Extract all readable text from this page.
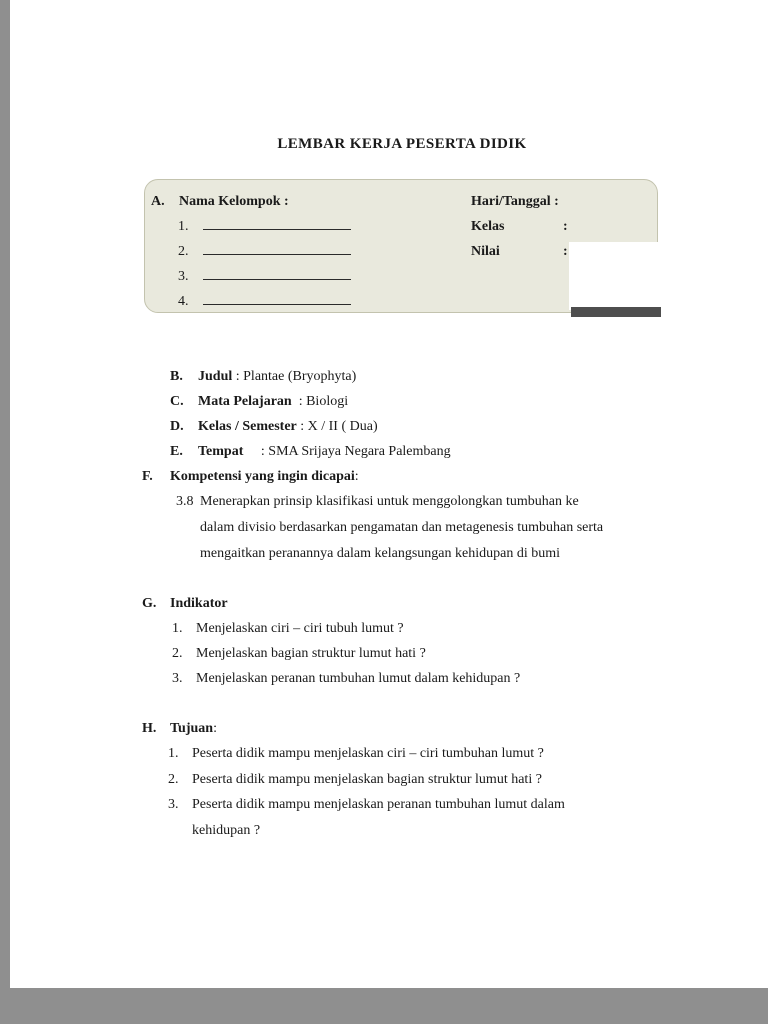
LEMBAR KERJA PESERTA DIDIK
A. Nama Kelompok :
1.
2.
3.
4.
Hari/Tanggal :
Kelas	:
Nilai	:

B. Judul : Plantae (Bryophyta)

C. Mata Pelajaran  : Biologi

D. Kelas / Semester : X / II ( Dua)

E. Tempat     : SMA Srijaya Negara Palembang

F. Kompetensi yang ingin dicapai:
3.8 Menerapkan prinsip klasifikasi untuk menggolongkan tumbuhan ke
dalam divisio berdasarkan pengamatan dan metagenesis tumbuhan serta
mengaitkan peranannya dalam kelangsungan kehidupan di bumi
G. Indikator
1. Menjelaskan ciri – ciri tubuh lumut ?
2. Menjelaskan bagian struktur lumut hati ?
3. Menjelaskan peranan tumbuhan lumut dalam kehidupan ?
H. Tujuan:
1. Peserta didik mampu menjelaskan ciri – ciri tumbuhan lumut ?
2. Peserta didik mampu menjelaskan bagian struktur lumut hati ?
3. Peserta didik mampu menjelaskan peranan tumbuhan lumut dalam kehidupan ?
